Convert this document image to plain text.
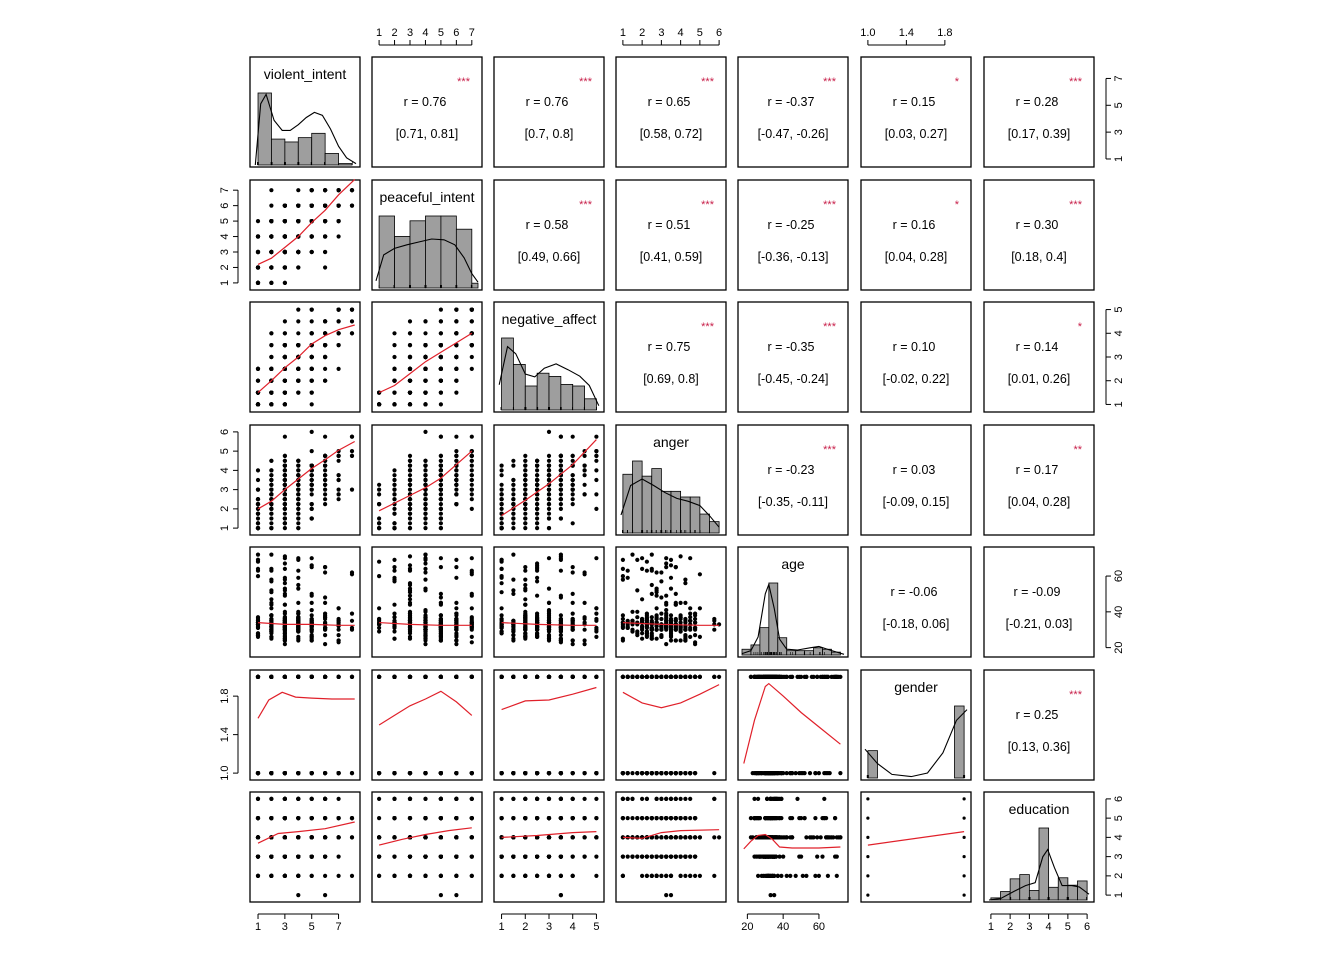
r = 0.76
[0.71, 0.81]
***
r = 0.76
[0.7, 0.8]
***
r = 0.65
[0.58, 0.72]
***
r = -0.37
[-0.47, -0.26]
***
r = 0.15
[0.03, 0.27]
*
r = 0.28
[0.17, 0.39]
***
r = 0.58
[0.49, 0.66]
***
r = 0.51
[0.41, 0.59]
***
r = -0.25
[-0.36, -0.13]
***
r = 0.16
[0.04, 0.28]
*
r = 0.30
[0.18, 0.4]
***
r = 0.75
[0.69, 0.8]
***
r = -0.35
[-0.45, -0.24]
***
r = 0.10
[-0.02, 0.22]
r = 0.14
[0.01, 0.26]
*
r = -0.23
[-0.35, -0.11]
***
r = 0.03
[-0.09, 0.15]
r = 0.17
[0.04, 0.28]
**
r = -0.06
[-0.18, 0.06]
r = -0.09
[-0.21, 0.03]
r = 0.25
[0.13, 0.36]
***
violent_intent
peaceful_intent
negative_affect
anger
age
gender
education
1 3 5 7	1 2 3 4 5	20 40 60	1 2 3 4 5 6
1 2 3 4 5 6 7	1 2 3 4 5 6	1.0 1.4 1.8
1
2
3
4
5
6
7
1
2
3
4
5
6
1.0
1.4
1.8
1
3
5
7
1
2
3
4
5
20
40
60
1
2
3
4
5
6
